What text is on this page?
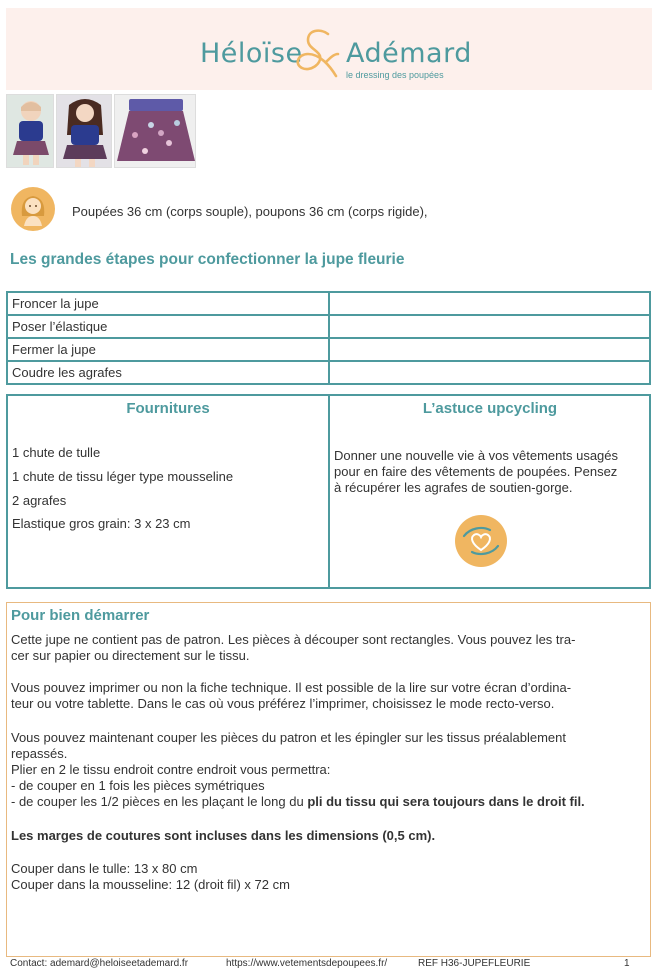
Héloïse Adémard
le dressing des poupées
Poupées 36 cm (corps souple), poupons 36 cm (corps rigide),
Les grandes étapes pour confectionner la jupe fleurie
Froncer la jupe	
Poser l’élastique	
Fermer la jupe	
Coudre les agrafes	
Fournitures	L’astuce upcycling
1 chute de tulle
1 chute de tissu léger type mousseline
2 agrafes
Elastique gros grain: 3 x 23 cm
Donner une nouvelle vie à vos vêtements usagés
pour en faire des vêtements de poupées. Pensez
à récupérer les agrafes de soutien-gorge.
Pour bien démarrer
Cette jupe ne contient pas de patron. Les pièces à découper sont rectangles. Vous pouvez les tra-
cer sur papier ou directement sur le tissu.
Vous pouvez imprimer ou non la fiche technique. Il est possible de la lire sur votre écran d’ordina-
teur ou votre tablette. Dans le cas où vous préférez l’imprimer, choisissez le mode recto-verso.
Vous pouvez maintenant couper les pièces du patron et les épingler sur les tissus préalablement
repassés.
Plier en 2 le tissu endroit contre endroit vous permettra:
- de couper en 1 fois les pièces symétriques
- de couper les 1/2 pièces en les plaçant le long du pli du tissu qui sera toujours dans le droit fil.
Les marges de coutures sont incluses dans les dimensions (0,5 cm).
Couper dans le tulle: 13 x 80 cm
Couper dans la mousseline: 12 (droit fil) x 72 cm
Contact: ademard@heloiseetademard.fr	https://www.vetementsdepoupees.fr/	REF H36-JUPEFLEURIE	1
